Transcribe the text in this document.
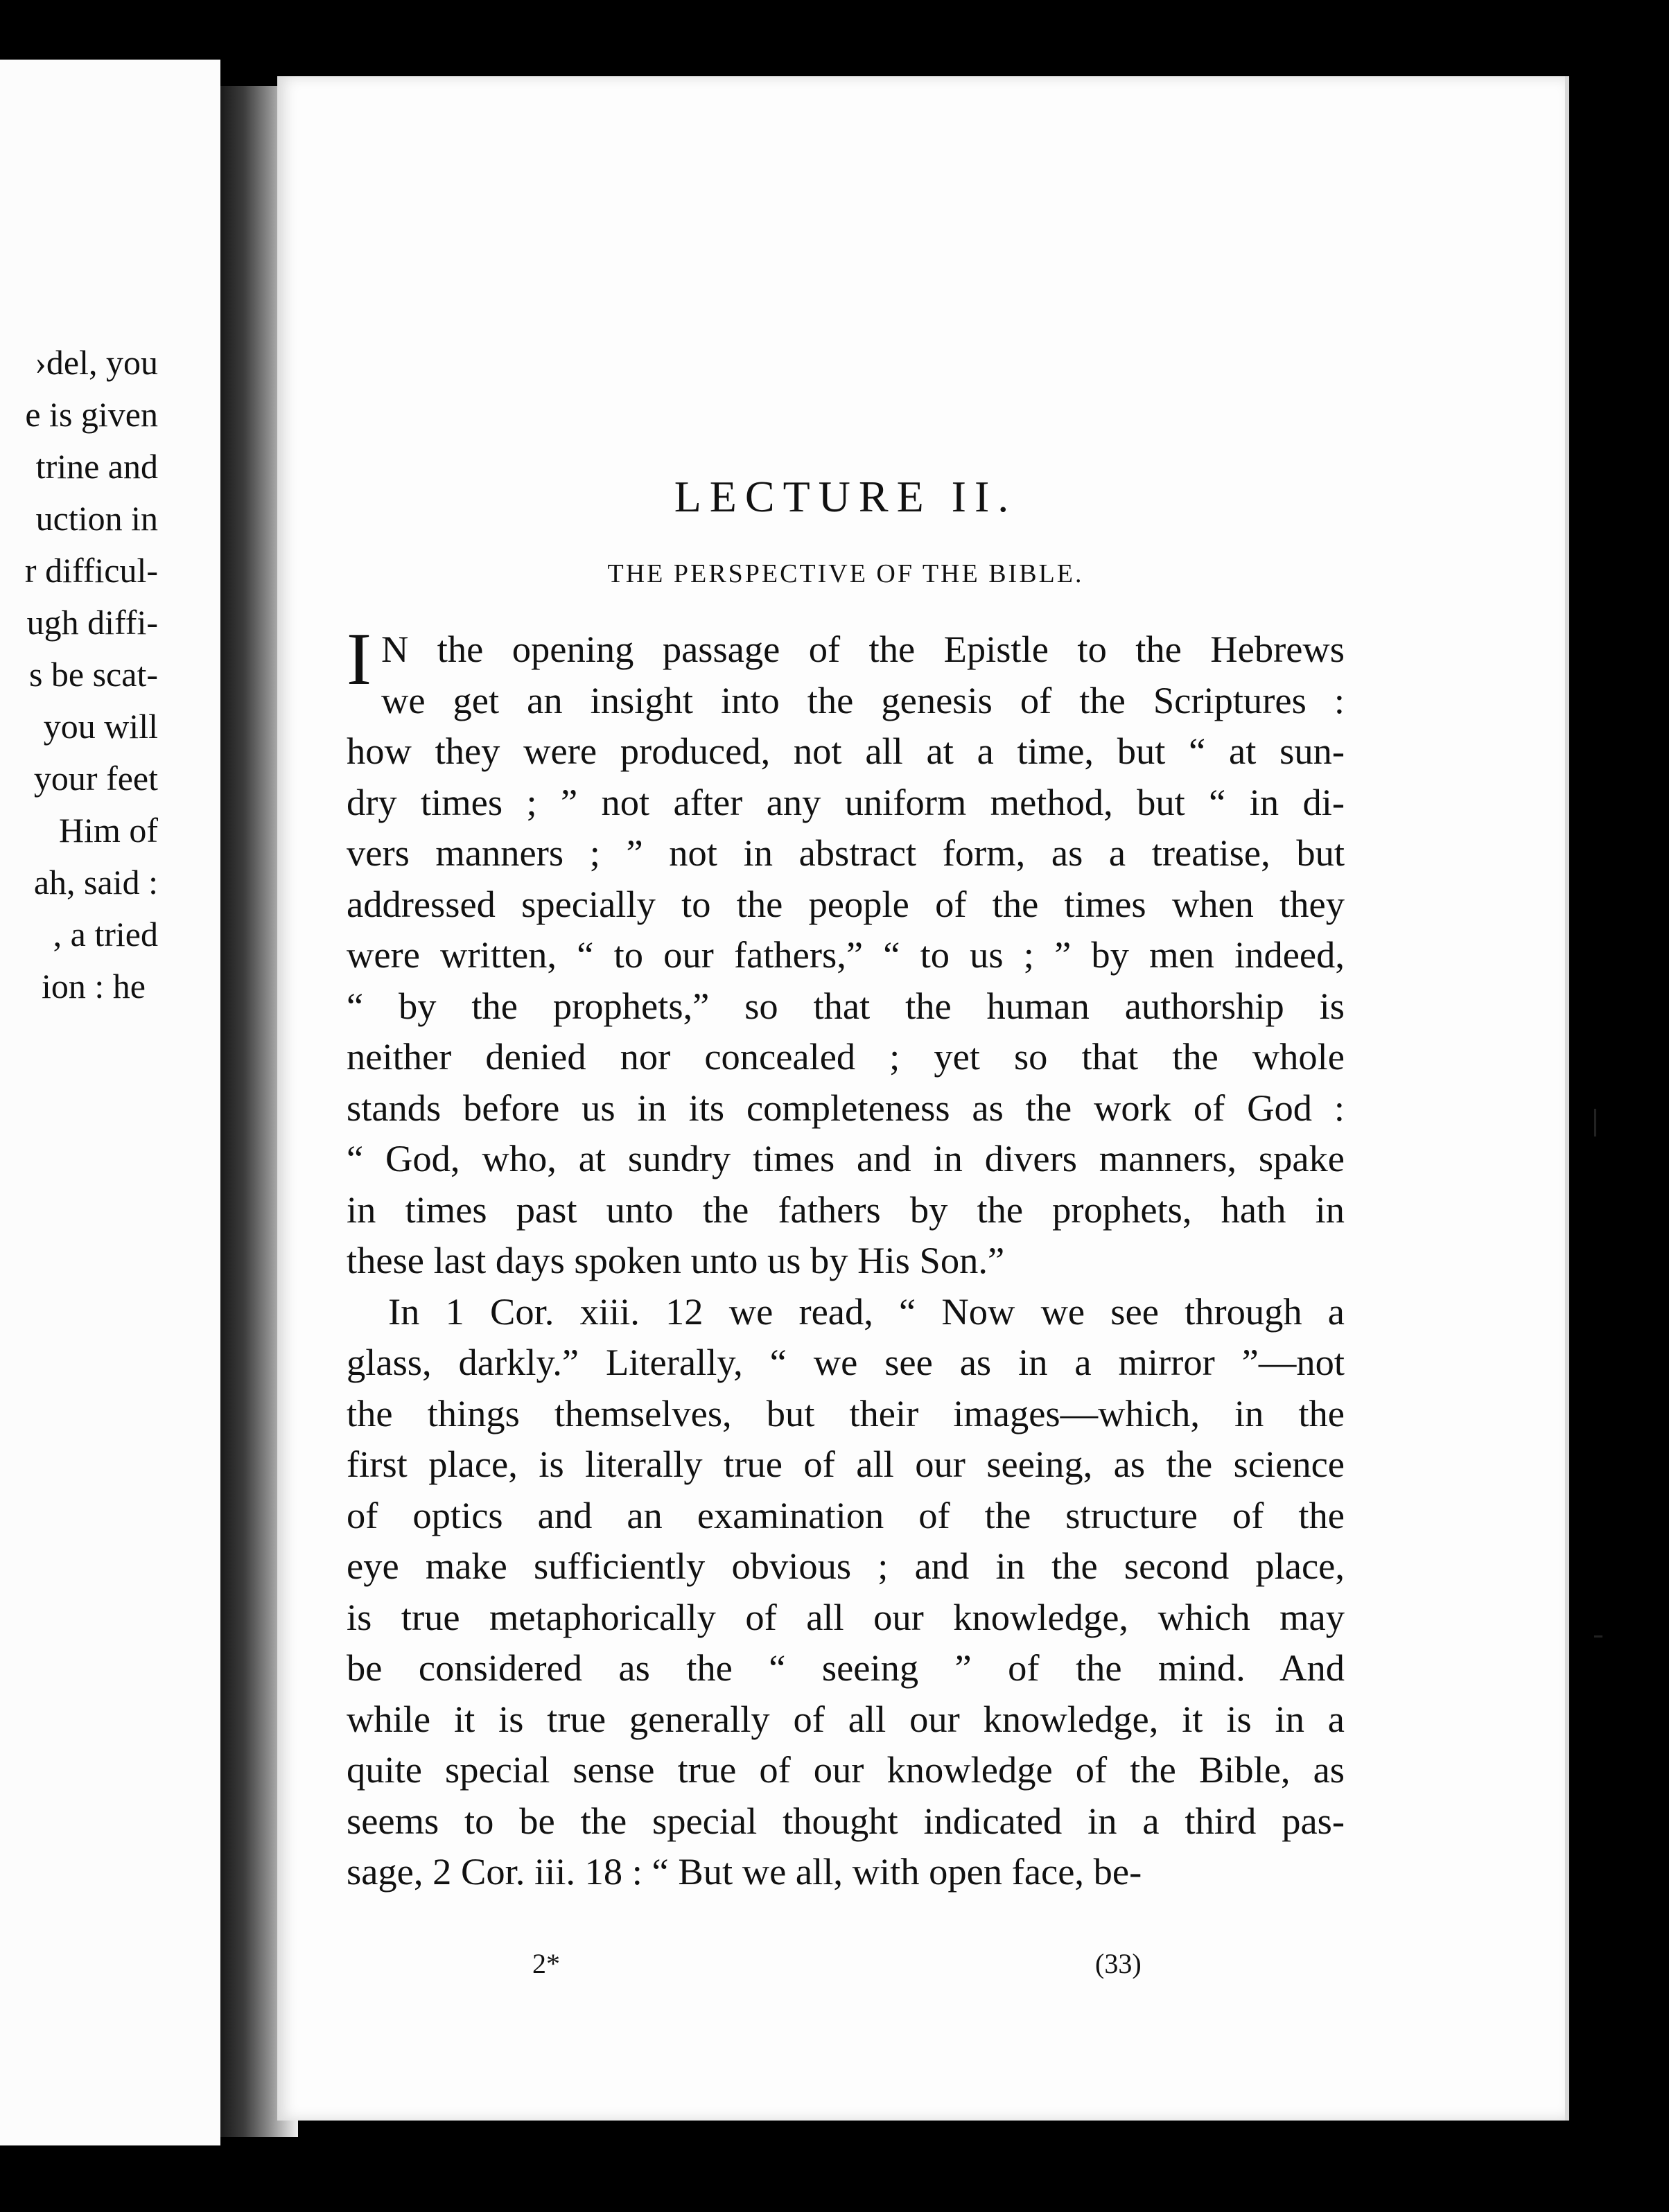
›del, you
e is given
trine and
uction in
r difficul-
ugh diffi-
s be scat-
you will
your feet
Him of
ah, said :
, a tried
ion : he
LECTURE II.
THE PERSPECTIVE OF THE BIBLE.

I N the opening passage of the Epistle to the Hebrews
we get an insight into the genesis of the Scriptures :
how they were produced, not all at a time, but “ at sun-
dry times ; ” not after any uniform method, but “ in di-
vers manners ; ” not in abstract form, as a treatise, but
addressed specially to the people of the times when they
were written, “ to our fathers,” “ to us ; ” by men indeed,
“ by the prophets,” so that the human authorship is
neither denied nor concealed ; yet so that the whole
stands before us in its completeness as the work of God :
“ God, who, at sundry times and in divers manners, spake
in times past unto the fathers by the prophets, hath in
these last days spoken unto us by His Son.”

In 1 Cor. xiii. 12 we read, “ Now we see through a
glass, darkly.” Literally, “ we see as in a mirror ”—not
the things themselves, but their images—which, in the
first place, is literally true of all our seeing, as the science
of optics and an examination of the structure of the
eye make sufficiently obvious ; and in the second place,
is true metaphorically of all our knowledge, which may
be considered as the “ seeing ” of the mind. And
while it is true generally of all our knowledge, it is in a
quite special sense true of our knowledge of the Bible, as
seems to be the special thought indicated in a third pas-
sage, 2 Cor. iii. 18 : “ But we all, with open face, be-

2*	(33)
